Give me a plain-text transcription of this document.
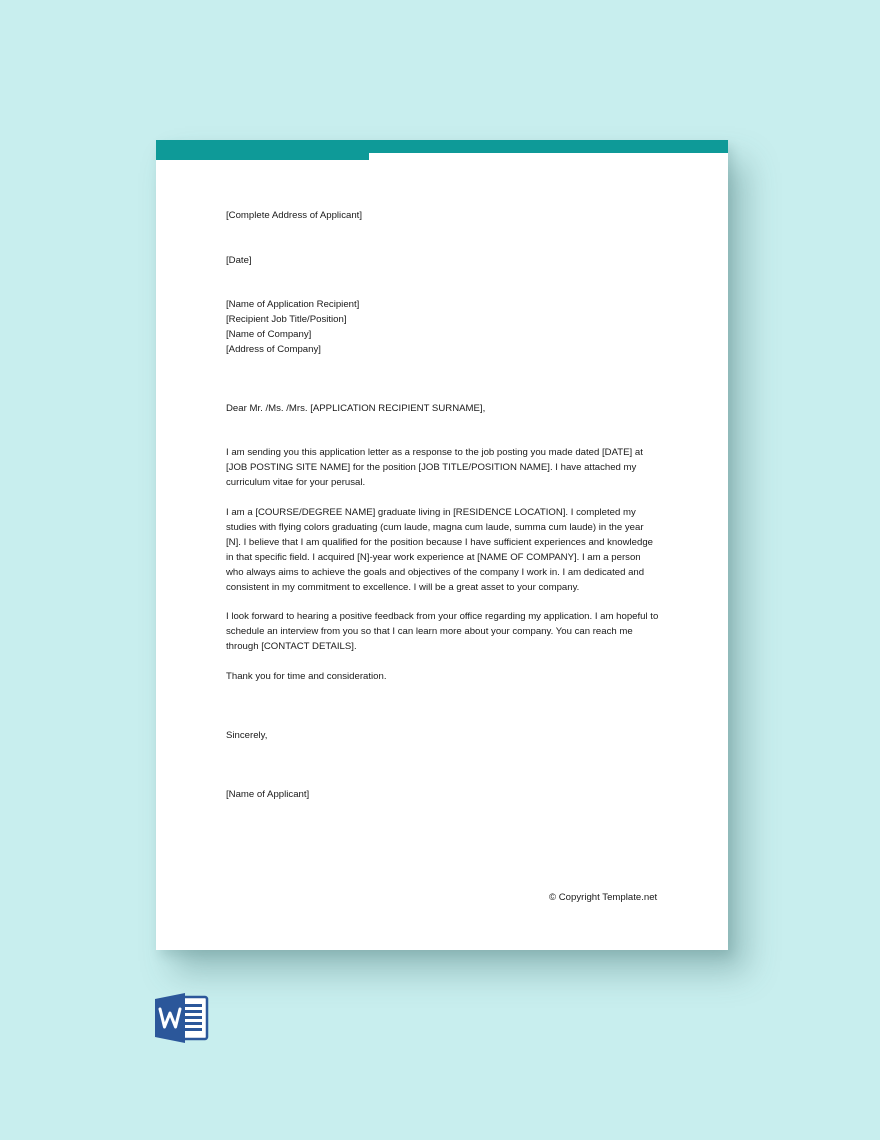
[Complete Address of Applicant]

[Date]

[Name of Application Recipient]

[Recipient Job Title/Position]

[Name of Company]

[Address of Company]

Dear Mr. /Ms. /Mrs. [APPLICATION RECIPIENT SURNAME],

I am sending you this application letter as a response to the job posting you made dated [DATE] at [JOB POSTING SITE NAME] for the position [JOB TITLE/POSITION NAME]. I have attached my curriculum vitae for your perusal.

I am a [COURSE/DEGREE NAME] graduate living in [RESIDENCE LOCATION]. I completed my studies with flying colors graduating (cum laude, magna cum laude, summa cum laude) in the year [N]. I believe that I am qualified for the position because I have sufficient experiences and knowledge in that specific field. I acquired [N]-year work experience at [NAME OF COMPANY]. I am a person who always aims to achieve the goals and objectives of the company I work in. I am dedicated and consistent in my commitment to excellence. I will be a great asset to your company.

I look forward to hearing a positive feedback from your office regarding my application. I am hopeful to schedule an interview from you so that I can learn more about your company. You can reach me through [CONTACT DETAILS].

Thank you for time and consideration.

Sincerely,

[Name of Applicant]

© Copyright Template.net
